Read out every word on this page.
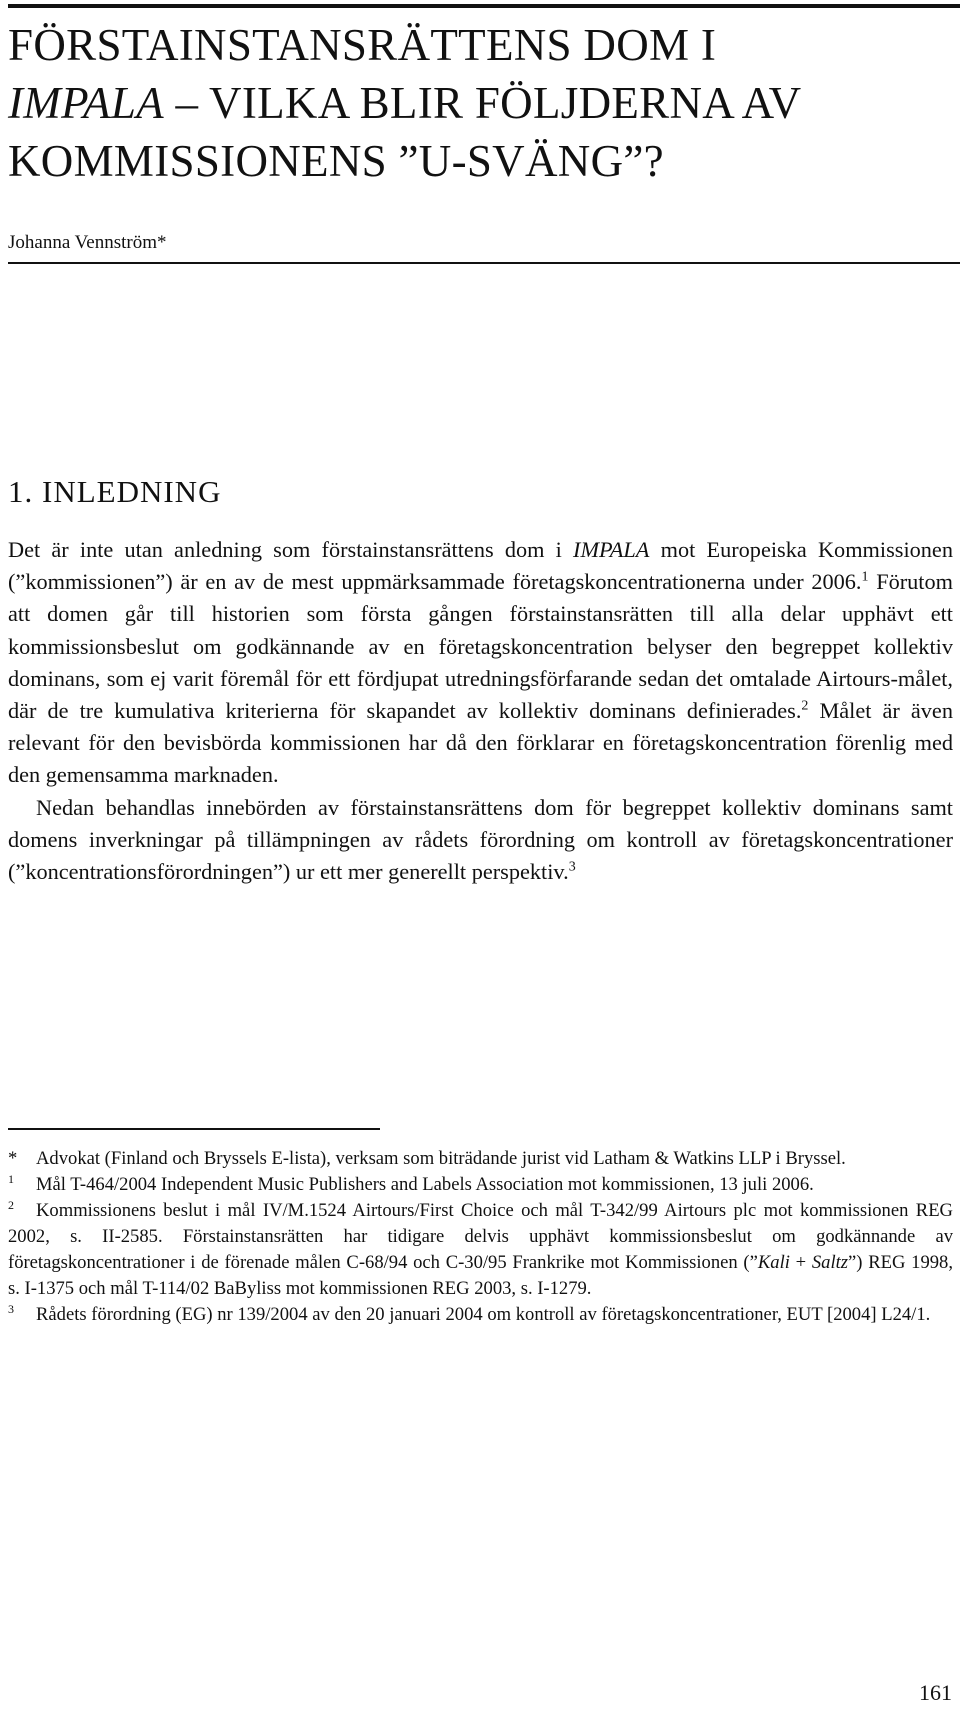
FÖRSTAINSTANSRÄTTENS DOM I
IMPALA – VILKA BLIR FÖLJDERNA AV
KOMMISSIONENS ”U-SVÄNG”?
Johanna Vennström*
1. INLEDNING

Det är inte utan anledning som förstainstansrättens dom i IMPALA mot Europeiska Kommissionen (”kommissionen”) är en av de mest uppmärksammade företagskoncentrationerna under 2006.$^1$ Förutom att domen går till historien som första gången förstainstansrätten till alla delar upphävt ett kommissionsbeslut om godkännande av en företagskoncentration belyser den begreppet kollektiv dominans, som ej varit föremål för ett fördjupat utredningsförfarande sedan det omtalade Airtours-målet, där de tre kumulativa kriterierna för skapandet av kollektiv dominans definierades.$^2$ Målet är även relevant för den bevisbörda kommissionen har då den förklarar en företagskoncentration förenlig med den gemensamma marknaden.

Nedan behandlas innebörden av förstainstansrättens dom för begreppet kollektiv dominans samt domens inverkningar på tillämpningen av rådets förordning om kontroll av företagskoncentrationer (”koncentrationsförordningen”) ur ett mer generellt perspektiv.$^3$

* Advokat (Finland och Bryssels E-lista), verksam som biträdande jurist vid Latham & Watkins LLP i Bryssel.

$^1$ Mål T-464/2004 Independent Music Publishers and Labels Association mot kommissionen, 13 juli 2006.

$^2$ Kommissionens beslut i mål IV/M.1524 Airtours/First Choice och mål T-342/99 Airtours plc mot kommissionen REG 2002, s. II-2585. Förstainstansrätten har tidigare delvis upphävt kommissionsbeslut om godkännande av företagskoncentrationer i de förenade målen C-68/94 och C-30/95 Frankrike mot Kommissionen (”Kali + Saltz”) REG 1998, s. I-1375 och mål T-114/02 BaByliss mot kommissionen REG 2003, s. I-1279.

$^3$ Rådets förordning (EG) nr 139/2004 av den 20 januari 2004 om kontroll av företagskoncentrationer, EUT [2004] L24/1.

161
